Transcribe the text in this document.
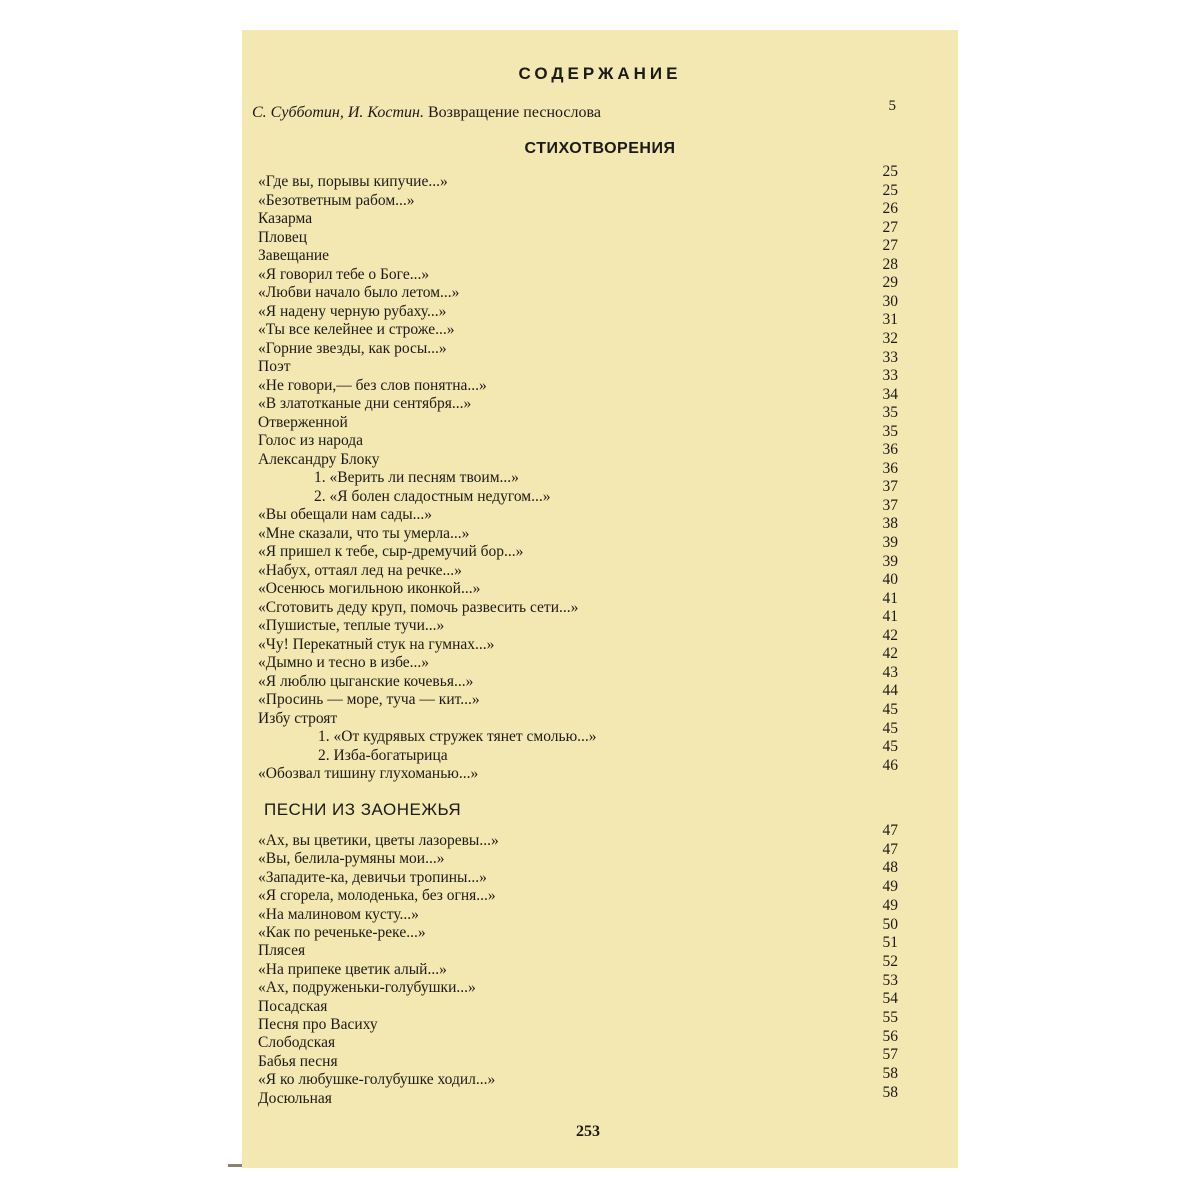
СОДЕРЖАНИЕ
С. Субботин, И. Костин. Возвращение песнослова	5
СТИХОТВОРЕНИЯ
«Где вы, порывы кипучие...»
«Безответным рабом...»
Казарма
Пловец
Завещание
«Я говорил тебе о Боге...»
«Любви начало было летом...»
«Я надену черную рубаху...»
«Ты все келейнее и строже...»
«Горние звезды, как росы...»
Поэт
«Не говори,— без слов понятна...»
«В златотканые дни сентября...»
Отверженной
Голос из народа
Александру Блоку
1. «Верить ли песням твоим...»
2. «Я болен сладостным недугом...»
«Вы обещали нам сады...»
«Мне сказали, что ты умерла...»
«Я пришел к тебе, сыр-дремучий бор...»
«Набух, оттаял лед на речке...»
«Осенюсь могильною иконкой...»
«Сготовить деду круп, помочь развесить сети...»
«Пушистые, теплые тучи...»
«Чу! Перекатный стук на гумнах...»
«Дымно и тесно в избе...»
«Я люблю цыганские кочевья...»
«Просинь — море, туча — кит...»
Избу строят
1. «От кудрявых стружек тянет смолью...»
2. Изба-богатырица
«Обозвал тишину глухоманью...»
25
25
26
27
27
28
29
30
31
32
33
33
34
35
35
36
36
37
37
38
39
39
40
41
41
42
42
43
44
45
45
45
46
ПЕСНИ ИЗ ЗАОНЕЖЬЯ
«Ах, вы цветики, цветы лазоревы...»
«Вы, белила-румяны мои...»
«Западите-ка, девичьи тропины...»
«Я сгорела, молоденька, без огня...»
«На малиновом кусту...»
«Как по реченьке-реке...»
Плясея
«На припеке цветик алый...»
«Ах, подруженьки-голубушки...»
Посадская
Песня про Васиху
Слободская
Бабья песня
«Я ко любушке-голубушке ходил...»
Досюльная
47
47
48
49
49
50
51
52
53
54
55
56
57
58
58
253
